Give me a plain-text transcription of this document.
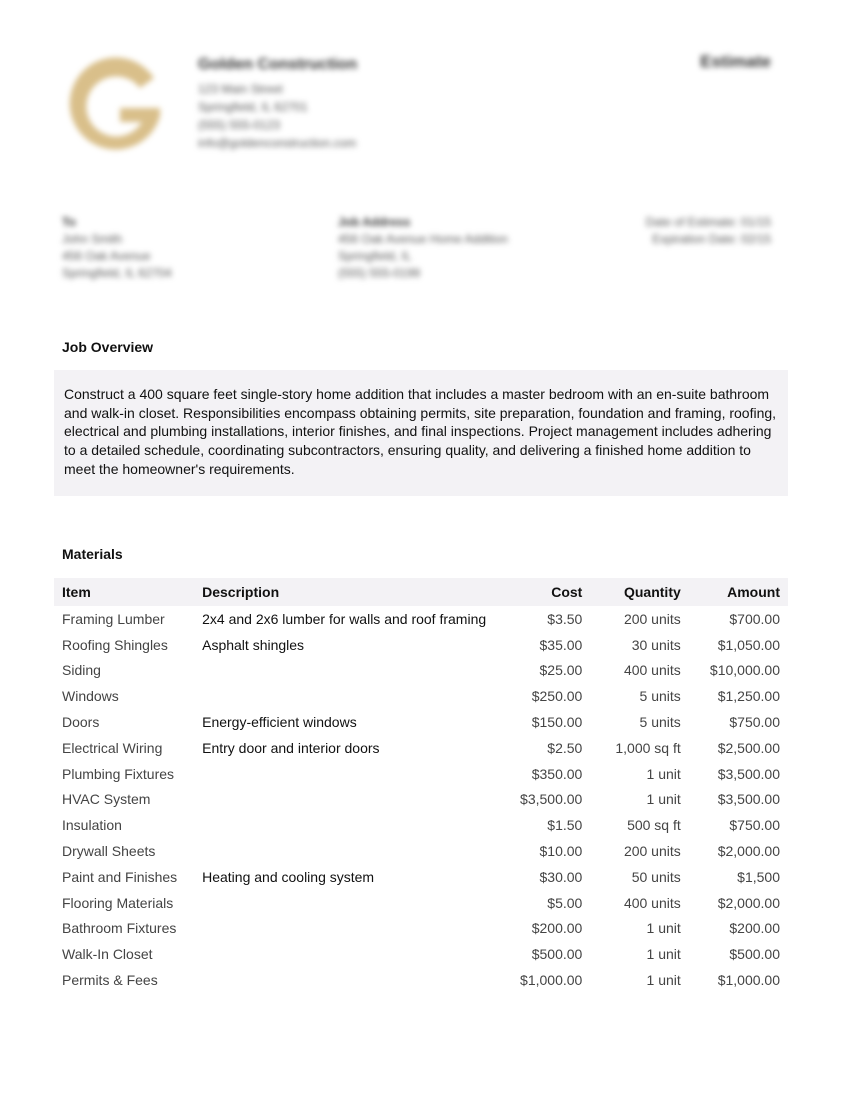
Golden Construction
123 Main Street
Springfield, IL 62701
(555) 555-0123
info@goldenconstruction.com
Estimate
To
John Smith
456 Oak Avenue
Springfield, IL 62704
Job Address
456 Oak Avenue Home Addition
Springfield, IL
(555) 555-0199
Date of Estimate: 01/15
Expiration Date: 02/15
Job Overview
Construct a 400 square feet single-story home addition that includes a master bedroom with an en-suite bathroom and walk-in closet. Responsibilities encompass obtaining permits, site preparation, foundation and framing, roofing, electrical and plumbing installations, interior finishes, and final inspections. Project management includes adhering to a detailed schedule, coordinating subcontractors, ensuring quality, and delivering a finished home addition to meet the homeowner's requirements.
Materials
Item	Description	Cost	Quantity	Amount
Framing Lumber	2x4 and 2x6 lumber for walls and roof framing	$3.50	200 units	$700.00
Roofing Shingles	Asphalt shingles	$35.00	30 units	$1,050.00
Siding		$25.00	400 units	$10,000.00
Windows		$250.00	5 units	$1,250.00
Doors	Energy-efficient windows	$150.00	5 units	$750.00
Electrical Wiring	Entry door and interior doors	$2.50	1,000 sq ft	$2,500.00
Plumbing Fixtures		$350.00	1 unit	$3,500.00
HVAC System		$3,500.00	1 unit	$3,500.00
Insulation		$1.50	500 sq ft	$750.00
Drywall Sheets		$10.00	200 units	$2,000.00
Paint and Finishes	Heating and cooling system	$30.00	50 units	$1,500
Flooring Materials		$5.00	400 units	$2,000.00
Bathroom Fixtures		$200.00	1 unit	$200.00
Walk-In Closet		$500.00	1 unit	$500.00
Permits & Fees		$1,000.00	1 unit	$1,000.00
